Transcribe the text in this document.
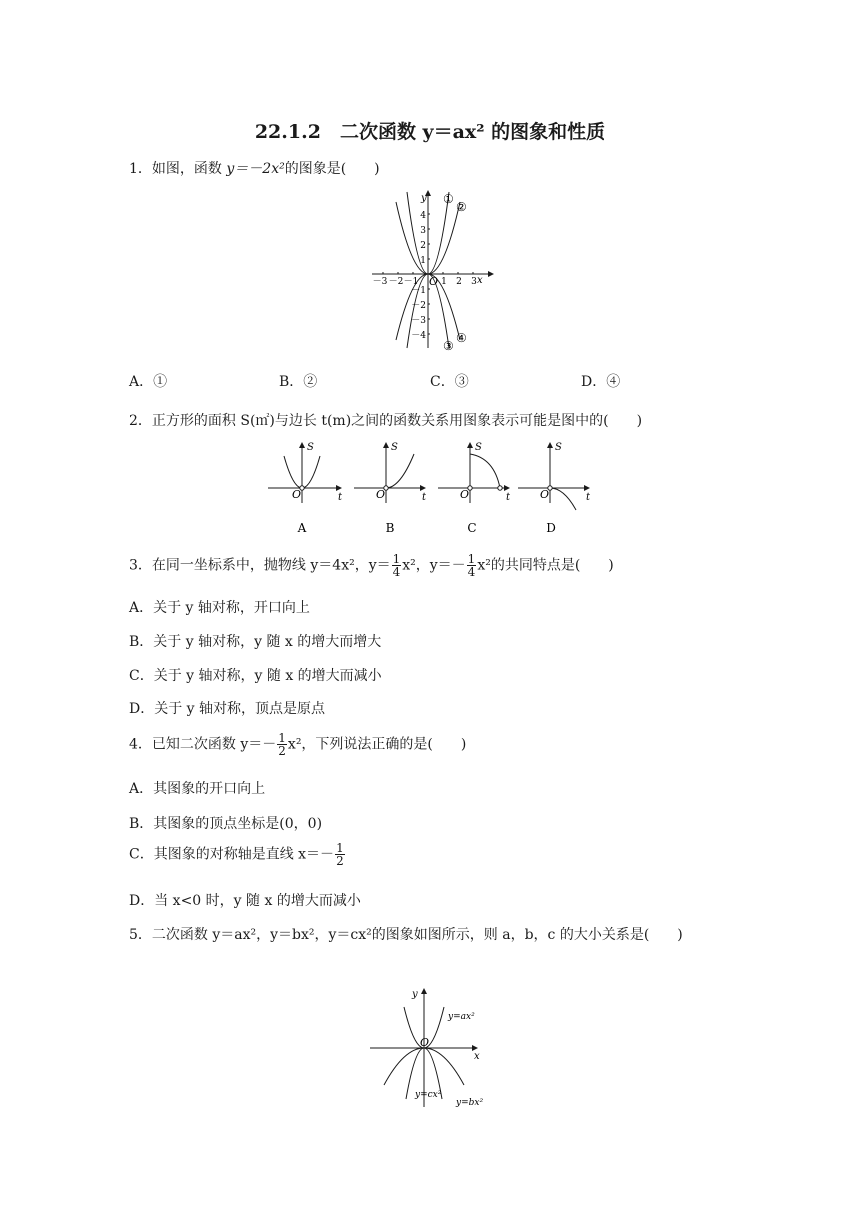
22.1.2　二次函数 y＝ax² 的图象和性质
1．如图，函数 y＝－2x²的图象是(　　)
y
x
O
4
3
2
1
－1
－2
－3
－4
－3 －2 －1	1 2 3
①
②
③
④
A．①	B．②	C．③	D．④
2．正方形的面积 S(㎡)与边长 t(m)之间的函数关系用图象表示可能是图中的(　　)
S
t
O
A
S
t
O
B
S
t
O
C
S
t
O
D
3．在同一坐标系中，抛物线 y＝4x²，$y= \frac{1}{4} x^2$，$y=- \frac{1}{4} x^2$的共同特点是(　　)
A．关于 y 轴对称，开口向上
B．关于 y 轴对称，y 随 x 的增大而增大
C．关于 y 轴对称，y 随 x 的增大而减小
D．关于 y 轴对称，顶点是原点
4．已知二次函数 $y=- \frac{1}{2} x^2$，下列说法正确的是(　　)
A．其图象的开口向上
B．其图象的顶点坐标是(0，0)
C．其图象的对称轴是直线 $x=- \frac{1}{2}$
D．当 x<0 时，y 随 x 的增大而减小
5．二次函数 y＝ax²，y＝bx²，y＝cx²的图象如图所示，则 a，b，c 的大小关系是(　　)
y
x
O
y=ax²
y=cx²
y=bx²
